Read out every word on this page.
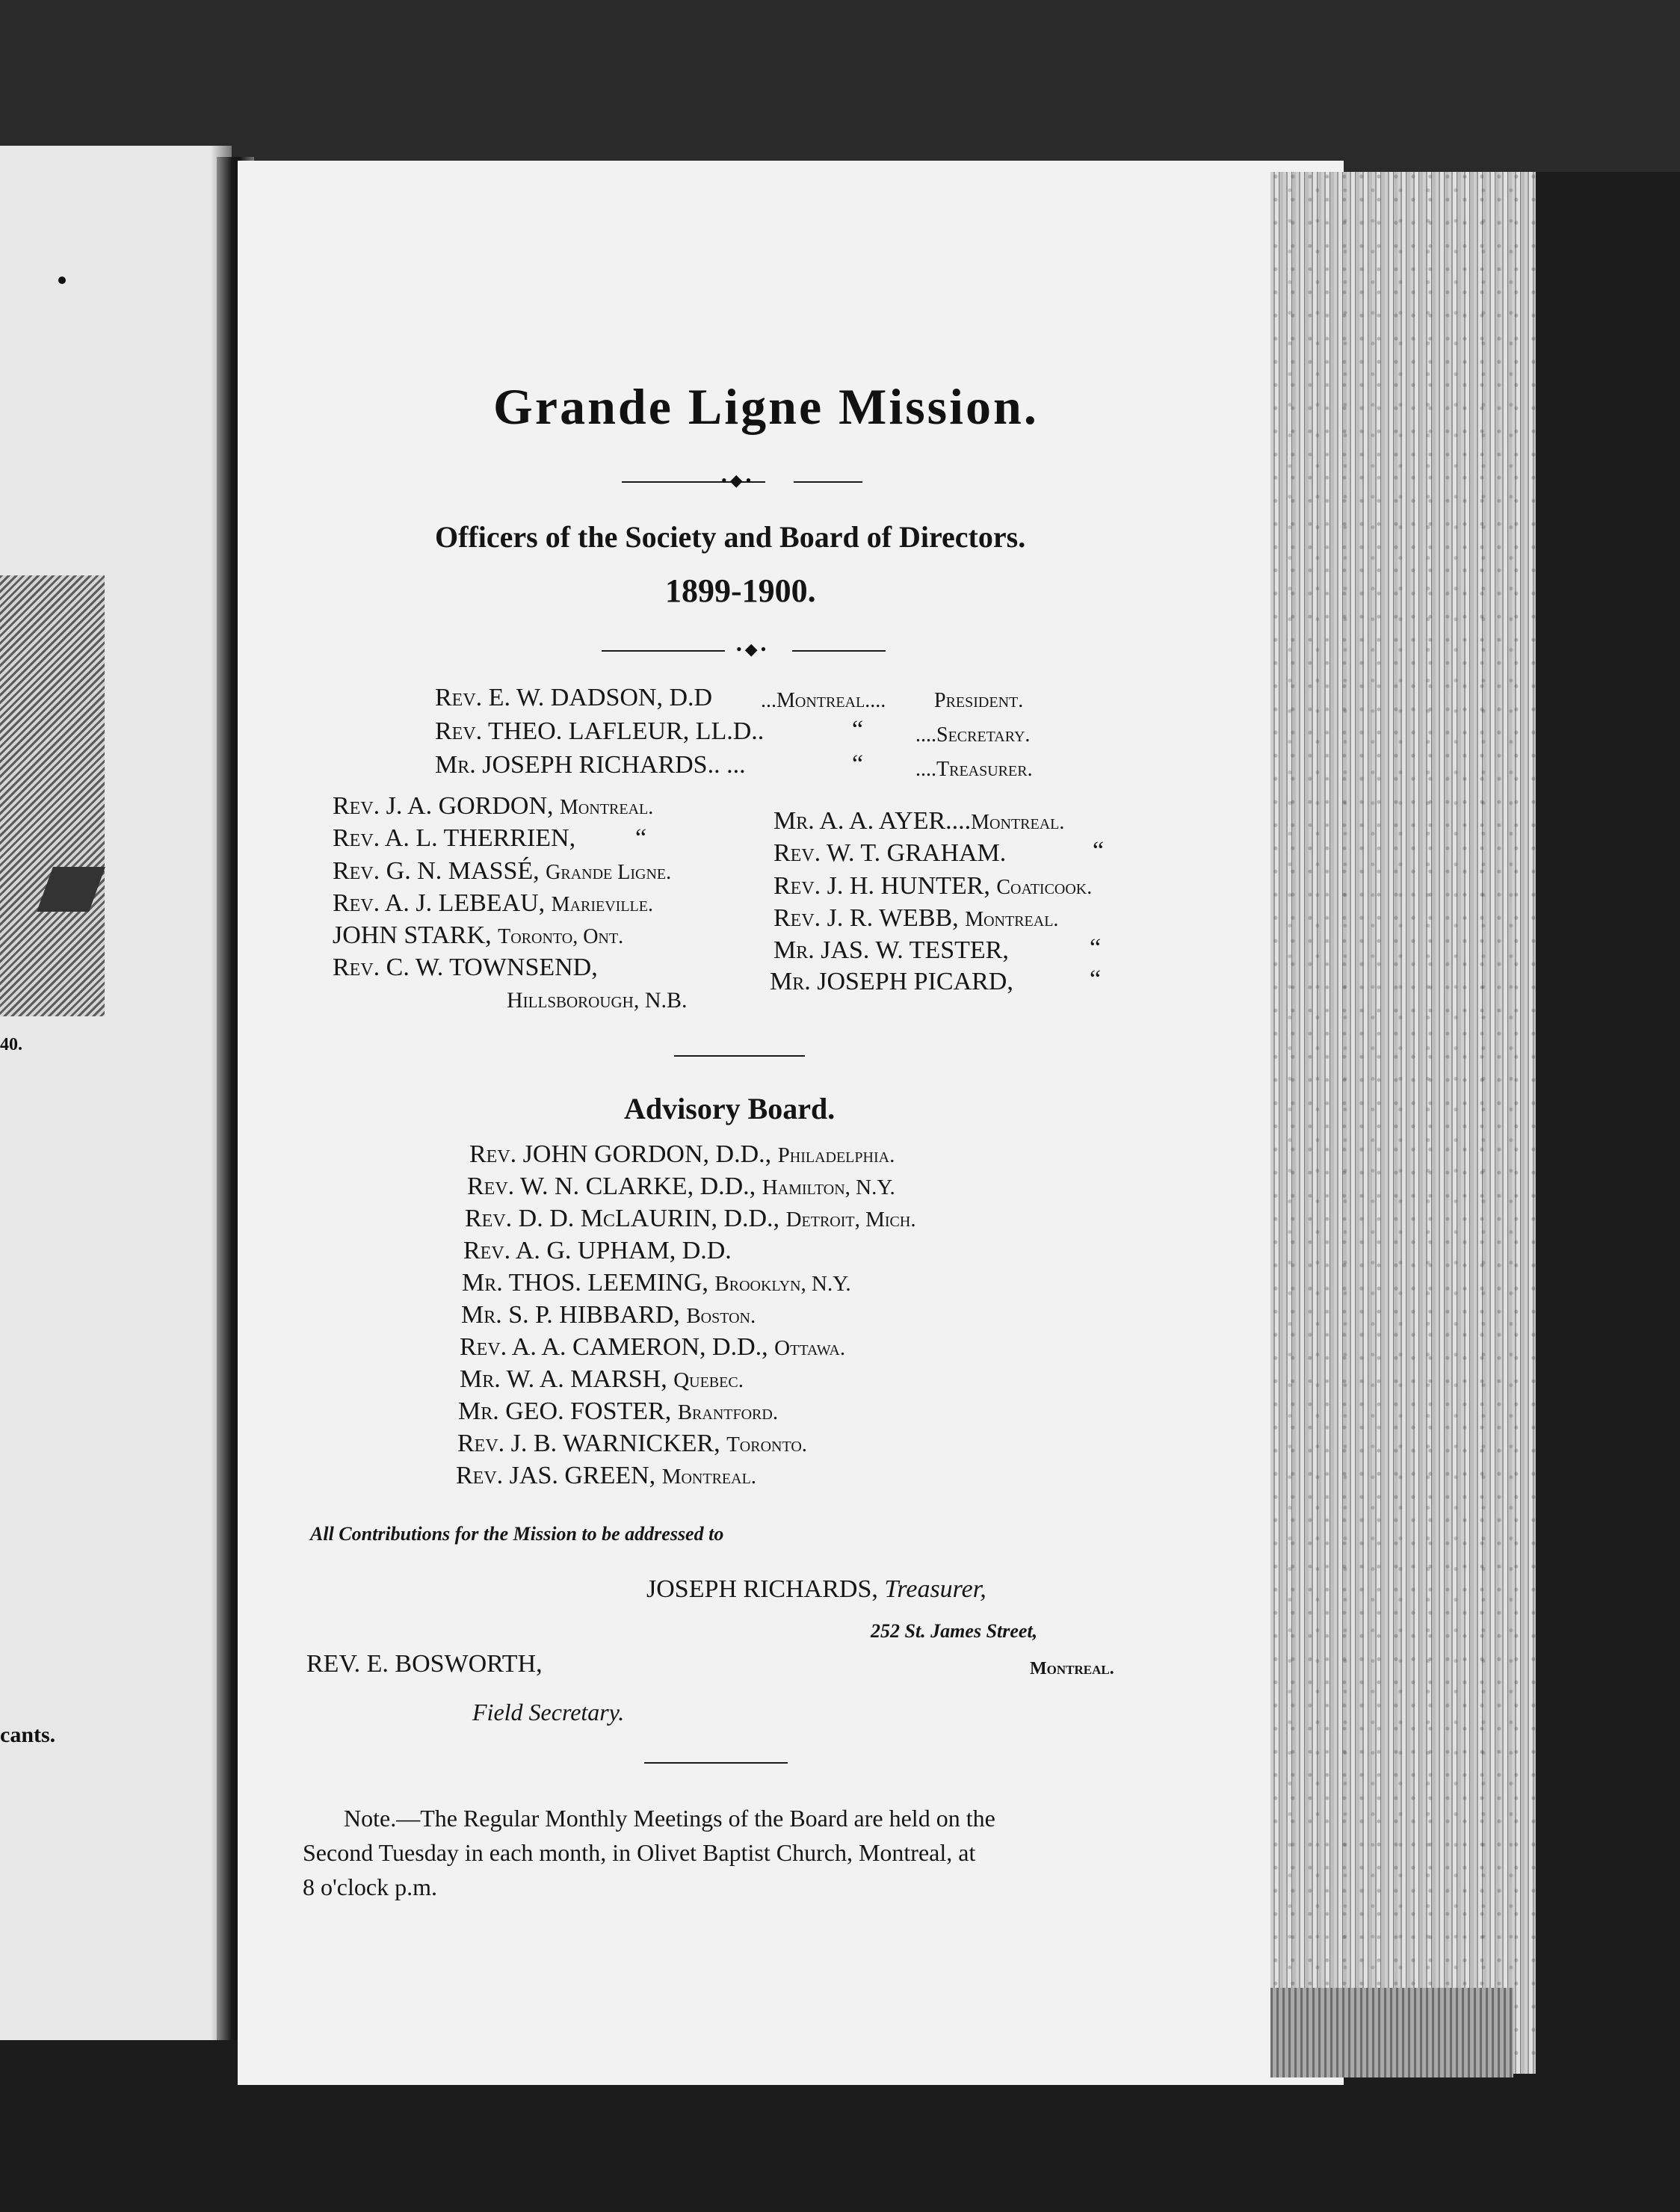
40.
cants.
Grande Ligne Mission.
•◆•
Officers of the Society and Board of Directors.
1899-1900.
•◆•
Rev. E. W. DADSON, D.D ...Montreal.... President.
Rev. THEO. LAFLEUR, LL.D..	“ ....Secretary.
Mr. JOSEPH RICHARDS.. ...	“ ....Treasurer.
Rev. J. A. GORDON, Montreal.
Rev. A. L. THERRIEN, “
Rev. G. N. MASSÉ, Grande Ligne.
Rev. A. J. LEBEAU, Marieville.
JOHN STARK, Toronto, Ont.
Rev. C. W. TOWNSEND,
Hillsborough, N.B.
Mr. A. A. AYER....Montreal.
Rev. W. T. GRAHAM.	“
Rev. J. H. HUNTER, Coaticook.
Rev. J. R. WEBB, Montreal.
Mr. JAS. W. TESTER,	“
Mr. JOSEPH PICARD,	“
Advisory Board.
Rev. JOHN GORDON, D.D., Philadelphia.
Rev. W. N. CLARKE, D.D., Hamilton, N.Y.
Rev. D. D. McLAURIN, D.D., Detroit, Mich.
Rev. A. G. UPHAM, D.D.
Mr. THOS. LEEMING, Brooklyn, N.Y.
Mr. S. P. HIBBARD, Boston.
Rev. A. A. CAMERON, D.D., Ottawa.
Mr. W. A. MARSH, Quebec.
Mr. GEO. FOSTER, Brantford.
Rev. J. B. WARNICKER, Toronto.
Rev. JAS. GREEN, Montreal.
All Contributions for the Mission to be addressed to
JOSEPH RICHARDS, Treasurer,
252 St. James Street,
REV. E. BOSWORTH,	Montreal.
Field Secretary.
Note.—The Regular Monthly Meetings of the Board are held on the
Second Tuesday in each month, in Olivet Baptist Church, Montreal, at
8 o'clock p.m.
